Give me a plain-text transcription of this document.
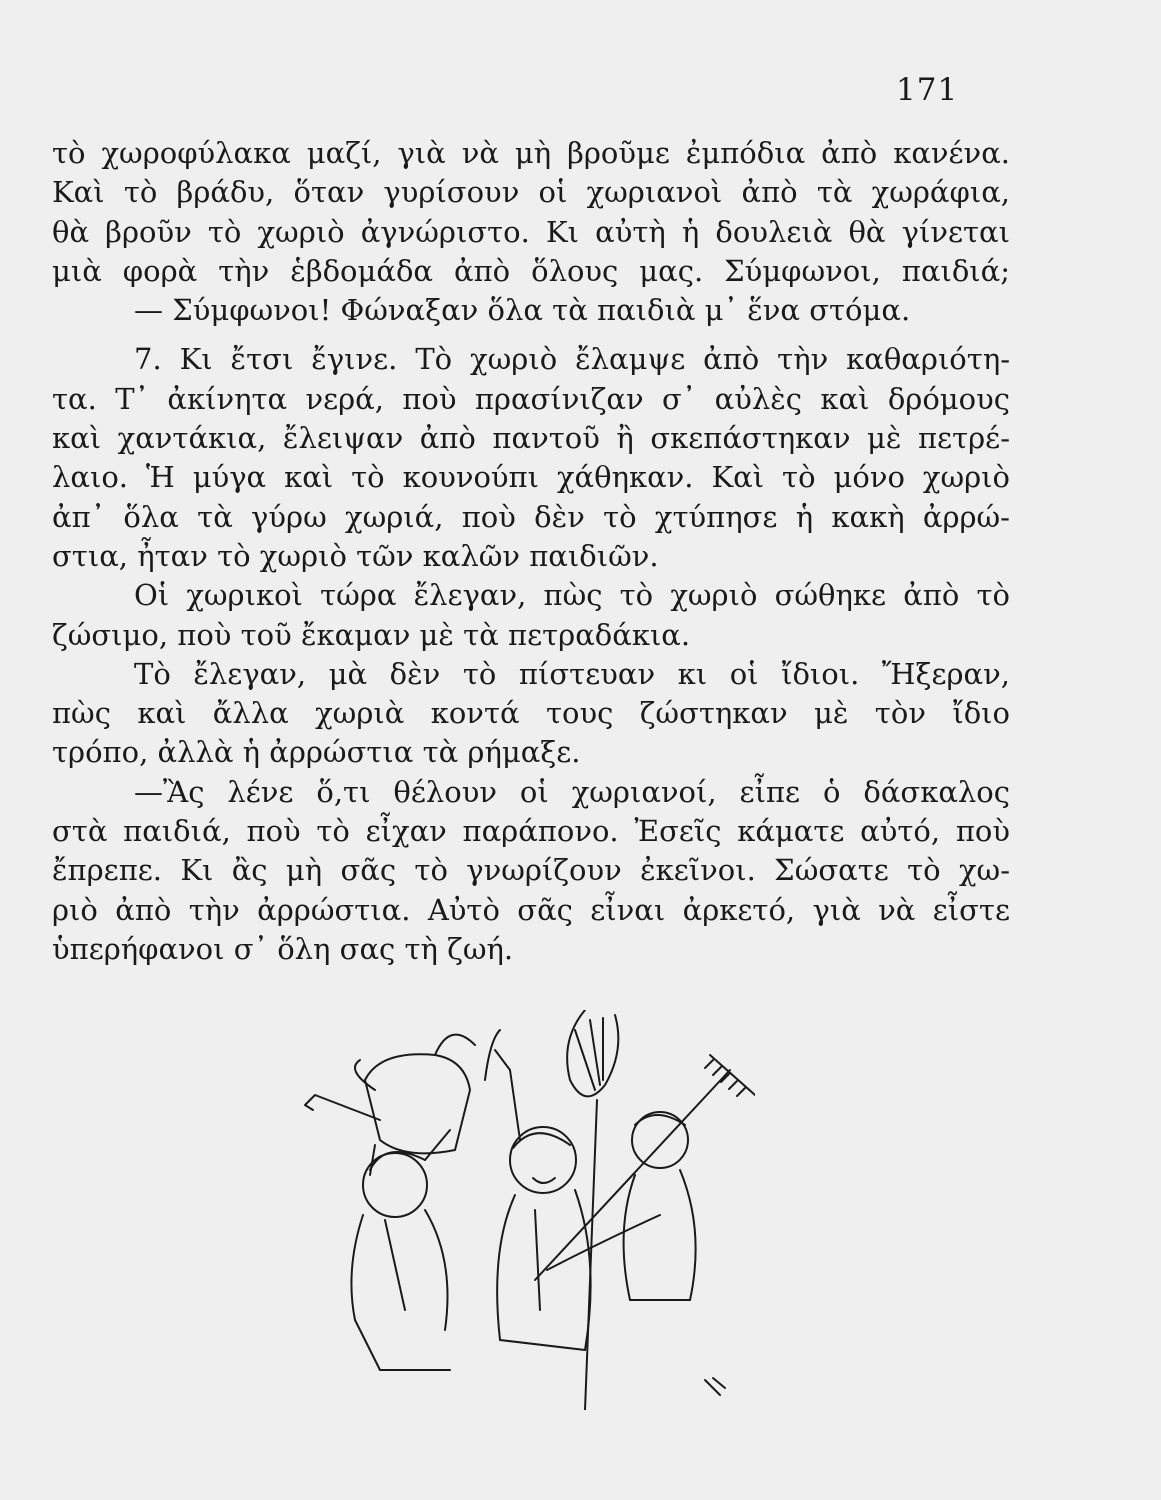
171
τὸ χωροφύλακα μαζί, γιὰ νὰ μὴ βροῦμε ἐμπόδια ἀπὸ κανένα.
Καὶ τὸ βράδυ, ὅταν γυρίσουν οἱ χωριανοὶ ἀπὸ τὰ χωράφια,
θὰ βροῦν τὸ χωριὸ ἀγνώριστο. Κι αὐτὴ ἡ δουλειὰ θὰ γίνεται
μιὰ φορὰ τὴν ἑβδομάδα ἀπὸ ὅλους μας. Σύμφωνοι, παιδιά;
— Σύμφωνοι! Φώναξαν ὅλα τὰ παιδιὰ μ᾿ ἕνα στόμα.
7. Κι ἔτσι ἔγινε. Τὸ χωριὸ ἔλαμψε ἀπὸ τὴν καθαριότη-
τα. Τ᾿ ἀκίνητα νερά, ποὺ πρασίνιζαν σ᾿ αὐλὲς καὶ δρόμους
καὶ χαντάκια, ἔλειψαν ἀπὸ παντοῦ ἢ σκεπάστηκαν μὲ πετρέ-
λαιο. Ἡ μύγα καὶ τὸ κουνούπι χάθηκαν. Καὶ τὸ μόνο χωριὸ
ἀπ᾿ ὅλα τὰ γύρω χωριά, ποὺ δὲν τὸ χτύπησε ἡ κακὴ ἀρρώ-
στια, ἦταν τὸ χωριὸ τῶν καλῶν παιδιῶν.
Οἱ χωρικοὶ τώρα ἔλεγαν, πὼς τὸ χωριὸ σώθηκε ἀπὸ τὸ
ζώσιμο, ποὺ τοῦ ἔκαμαν μὲ τὰ πετραδάκια.
Τὸ ἔλεγαν, μὰ δὲν τὸ πίστευαν κι οἱ ἴδιοι. Ἤξεραν,
πὼς καὶ ἄλλα χωριὰ κοντά τους ζώστηκαν μὲ τὸν ἴδιο
τρόπο, ἀλλὰ ἡ ἀρρώστια τὰ ρήμαξε.
—Ἂς λένε ὅ,τι θέλουν οἱ χωριανοί, εἶπε ὁ δάσκαλος
στὰ παιδιά, ποὺ τὸ εἶχαν παράπονο. Ἐσεῖς κάματε αὐτό, ποὺ
ἔπρεπε. Κι ἂς μὴ σᾶς τὸ γνωρίζουν ἐκεῖνοι. Σώσατε τὸ χω-
ριὸ ἀπὸ τὴν ἀρρώστια. Αὐτὸ σᾶς εἶναι ἀρκετό, γιὰ νὰ εἶστε
ὑπερήφανοι σ᾿ ὅλη σας τὴ ζωή.
